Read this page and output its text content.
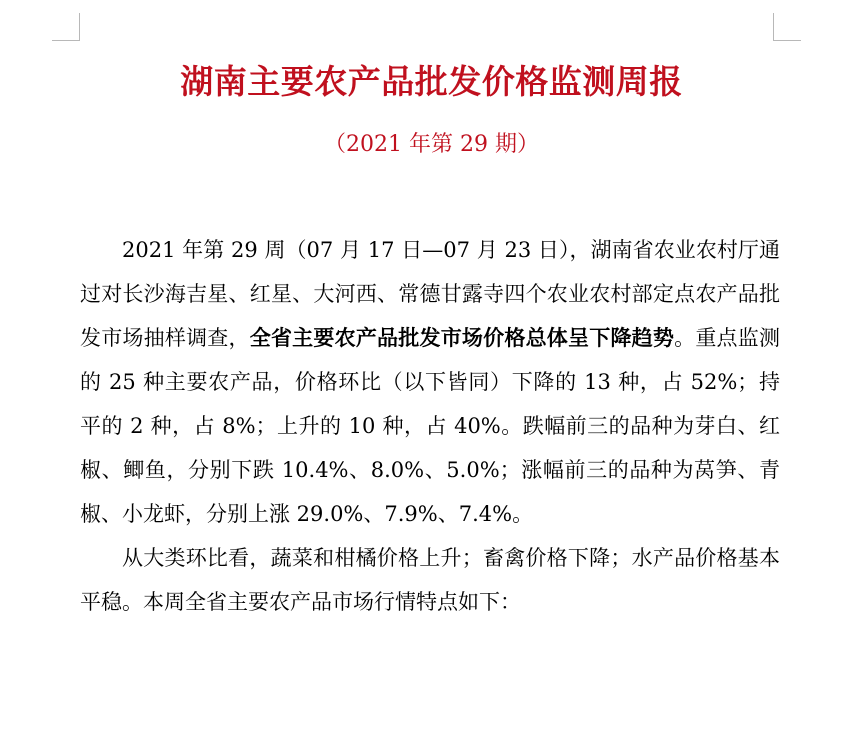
湖南主要农产品批发价格监测周报
（2021 年第 29 期）

2021 年第 29 周（07 月 17 日—07 月 23 日），湖南省农业农村厅通过对长沙海吉星、红星、大河西、常德甘露寺四个农业农村部定点农产品批发市场抽样调查，全省主要农产品批发市场价格总体呈下降趋势。重点监测的 25 种主要农产品，价格环比（以下皆同）下降的 13 种，占 52%；持平的 2 种，占 8%；上升的 10 种，占 40%。跌幅前三的品种为芽白、红椒、鲫鱼，分别下跌 10.4%、8.0%、5.0%；涨幅前三的品种为莴笋、青椒、小龙虾，分别上涨 29.0%、7.9%、7.4%。

从大类环比看，蔬菜和柑橘价格上升；畜禽价格下降；水产品价格基本平稳。本周全省主要农产品市场行情特点如下：
